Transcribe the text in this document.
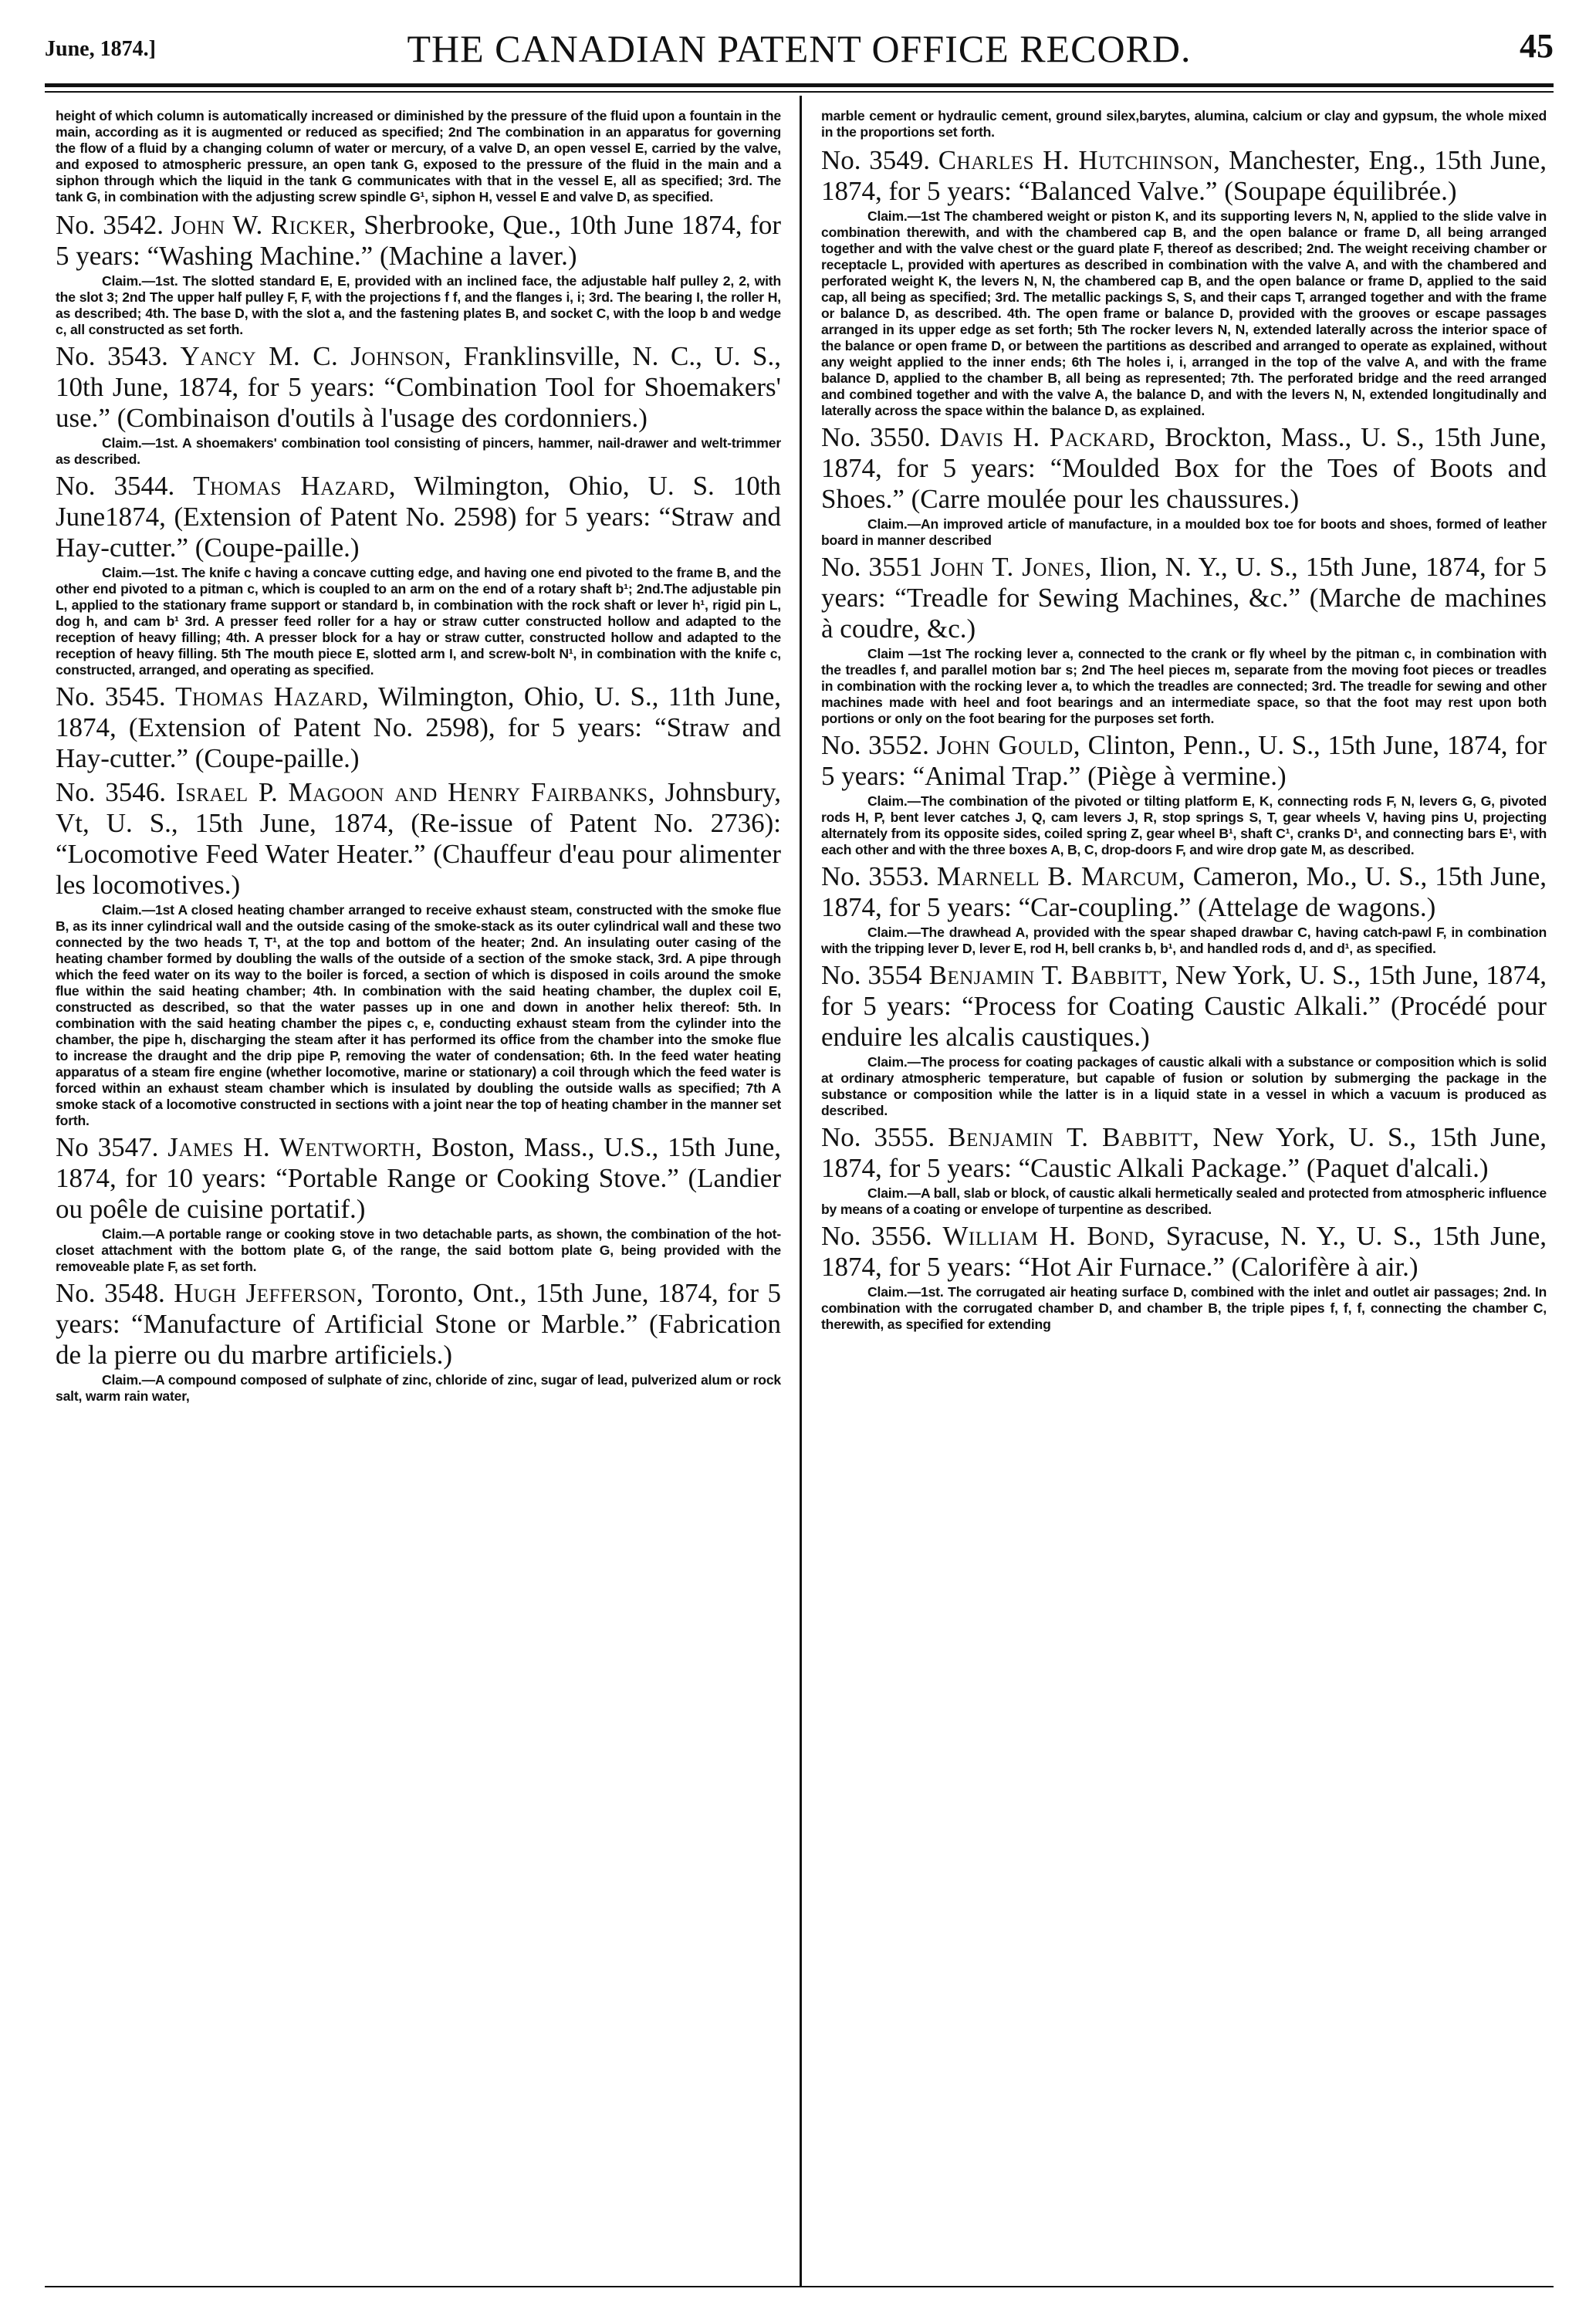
June, 1874.]	THE CANADIAN PATENT OFFICE RECORD.	45

height of which column is automatically increased or diminished by the pressure of the fluid upon a fountain in the main, according as it is augmented or reduced as specified; 2nd The combination in an apparatus for governing the flow of a fluid by a changing column of water or mercury, of a valve D, an open vessel E, carried by the valve, and exposed to atmospheric pressure, an open tank G, exposed to the pressure of the fluid in the main and a siphon through which the liquid in the tank G communicates with that in the vessel E, all as specified; 3rd. The tank G, in combination with the adjusting screw spindle G¹, siphon H, vessel E and valve D, as specified.

No. 3542. John W. Ricker, Sherbrooke, Que., 10th June 1874, for 5 years: “Washing Machine.” (Machine a laver.)

Claim.—1st. The slotted standard E, E, provided with an inclined face, the adjustable half pulley 2, 2, with the slot 3; 2nd The upper half pulley F, F, with the projections f f, and the flanges i, i; 3rd. The bearing I, the roller H, as described; 4th. The base D, with the slot a, and the fastening plates B, and socket C, with the loop b and wedge c, all constructed as set forth.

No. 3543. Yancy M. C. Johnson, Franklinsville, N. C., U. S., 10th June, 1874, for 5 years: “Combination Tool for Shoemakers' use.” (Combinaison d'outils à l'usage des cordonniers.)

Claim.—1st. A shoemakers' combination tool consisting of pincers, hammer, nail-drawer and welt-trimmer as described.

No. 3544. Thomas Hazard, Wilmington, Ohio, U. S. 10th June1874, (Extension of Patent No. 2598) for 5 years: “Straw and Hay-cutter.” (Coupe-paille.)

Claim.—1st. The knife c having a concave cutting edge, and having one end pivoted to the frame B, and the other end pivoted to a pitman c, which is coupled to an arm on the end of a rotary shaft b¹; 2nd.The adjustable pin L, applied to the stationary frame support or standard b, in combination with the rock shaft or lever h¹, rigid pin L, dog h, and cam b¹ 3rd. A presser feed roller for a hay or straw cutter constructed hollow and adapted to the reception of heavy filling; 4th. A presser block for a hay or straw cutter, constructed hollow and adapted to the reception of heavy filling. 5th The mouth piece E, slotted arm I, and screw-bolt N¹, in combination with the knife c, constructed, arranged, and operating as specified.

No. 3545. Thomas Hazard, Wilmington, Ohio, U. S., 11th June, 1874, (Extension of Patent No. 2598), for 5 years: “Straw and Hay-cutter.” (Coupe-paille.)

No. 3546. Israel P. Magoon and Henry Fairbanks, Johnsbury, Vt, U. S., 15th June, 1874, (Re-issue of Patent No. 2736): “Locomotive Feed Water Heater.” (Chauffeur d'eau pour alimenter les locomotives.)

Claim.—1st A closed heating chamber arranged to receive exhaust steam, constructed with the smoke flue B, as its inner cylindrical wall and the outside casing of the smoke-stack as its outer cylindrical wall and these two connected by the two heads T, T¹, at the top and bottom of the heater; 2nd. An insulating outer casing of the heating chamber formed by doubling the walls of the outside of a section of the smoke stack, 3rd. A pipe through which the feed water on its way to the boiler is forced, a section of which is disposed in coils around the smoke flue within the said heating chamber; 4th. In combination with the said heating chamber, the duplex coil E, constructed as described, so that the water passes up in one and down in another helix thereof: 5th. In combination with the said heating chamber the pipes c, e, conducting exhaust steam from the cylinder into the chamber, the pipe h, discharging the steam after it has performed its office from the chamber into the smoke flue to increase the draught and the drip pipe P, removing the water of condensation; 6th. In the feed water heating apparatus of a steam fire engine (whether locomotive, marine or stationary) a coil through which the feed water is forced within an exhaust steam chamber which is insulated by doubling the outside walls as specified; 7th A smoke stack of a locomotive constructed in sections with a joint near the top of heating chamber in the manner set forth.

No 3547. James H. Wentworth, Boston, Mass., U.S., 15th June, 1874, for 10 years: “Portable Range or Cooking Stove.” (Landier ou poêle de cuisine portatif.)

Claim.—A portable range or cooking stove in two detachable parts, as shown, the combination of the hot-closet attachment with the bottom plate G, of the range, the said bottom plate G, being provided with the removeable plate F, as set forth.

No. 3548. Hugh Jefferson, Toronto, Ont., 15th June, 1874, for 5 years: “Manufacture of Artificial Stone or Marble.” (Fabrication de la pierre ou du marbre artificiels.)

Claim.—A compound composed of sulphate of zinc, chloride of zinc, sugar of lead, pulverized alum or rock salt, warm rain water,

marble cement or hydraulic cement, ground silex,barytes, alumina, calcium or clay and gypsum, the whole mixed in the proportions set forth.

No. 3549. Charles H. Hutchinson, Manchester, Eng., 15th June, 1874, for 5 years: “Balanced Valve.” (Soupape équilibrée.)

Claim.—1st The chambered weight or piston K, and its supporting levers N, N, applied to the slide valve in combination therewith, and with the chambered cap B, and the open balance or frame D, all being arranged together and with the valve chest or the guard plate F, thereof as described; 2nd. The weight receiving chamber or receptacle L, provided with apertures as described in combination with the valve A, and with the chambered and perforated weight K, the levers N, N, the chambered cap B, and the open balance or frame D, applied to the said cap, all being as specified; 3rd. The metallic packings S, S, and their caps T, arranged together and with the frame or balance D, as described. 4th. The open frame or balance D, provided with the grooves or escape passages arranged in its upper edge as set forth; 5th The rocker levers N, N, extended laterally across the interior space of the balance or open frame D, or between the partitions as described and arranged to operate as explained, without any weight applied to the inner ends; 6th The holes i, i, arranged in the top of the valve A, and with the frame balance D, applied to the chamber B, all being as represented; 7th. The perforated bridge and the reed arranged and combined together and with the valve A, the balance D, and with the levers N, N, extended longitudinally and laterally across the space within the balance D, as explained.

No. 3550. Davis H. Packard, Brockton, Mass., U. S., 15th June, 1874, for 5 years: “Moulded Box for the Toes of Boots and Shoes.” (Carre moulée pour les chaussures.)

Claim.—An improved article of manufacture, in a moulded box toe for boots and shoes, formed of leather board in manner described

No. 3551 John T. Jones, Ilion, N. Y., U. S., 15th June, 1874, for 5 years: “Treadle for Sewing Machines, &c.” (Marche de machines à coudre, &c.)

Claim —1st The rocking lever a, connected to the crank or fly wheel by the pitman c, in combination with the treadles f, and parallel motion bar s; 2nd The heel pieces m, separate from the moving foot pieces or treadles in combination with the rocking lever a, to which the treadles are connected; 3rd. The treadle for sewing and other machines made with heel and foot bearings and an intermediate space, so that the foot may rest upon both portions or only on the foot bearing for the purposes set forth.

No. 3552. John Gould, Clinton, Penn., U. S., 15th June, 1874, for 5 years: “Animal Trap.” (Piège à vermine.)

Claim.—The combination of the pivoted or tilting platform E, K, connecting rods F, N, levers G, G, pivoted rods H, P, bent lever catches J, Q, cam levers J, R, stop springs S, T, gear wheels V, having pins U, projecting alternately from its opposite sides, coiled spring Z, gear wheel B¹, shaft C¹, cranks D¹, and connecting bars E¹, with each other and with the three boxes A, B, C, drop-doors F, and wire drop gate M, as described.

No. 3553. Marnell B. Marcum, Cameron, Mo., U. S., 15th June, 1874, for 5 years: “Car-coupling.” (Attelage de wagons.)

Claim.—The drawhead A, provided with the spear shaped drawbar C, having catch-pawl F, in combination with the tripping lever D, lever E, rod H, bell cranks b, b¹, and handled rods d, and d¹, as specified.

No. 3554 Benjamin T. Babbitt, New York, U. S., 15th June, 1874, for 5 years: “Process for Coating Caustic Alkali.” (Procédé pour enduire les alcalis caustiques.)

Claim.—The process for coating packages of caustic alkali with a substance or composition which is solid at ordinary atmospheric temperature, but capable of fusion or solution by submerging the package in the substance or composition while the latter is in a liquid state in a vessel in which a vacuum is produced as described.

No. 3555. Benjamin T. Babbitt, New York, U. S., 15th June, 1874, for 5 years: “Caustic Alkali Package.” (Paquet d'alcali.)

Claim.—A ball, slab or block, of caustic alkali hermetically sealed and protected from atmospheric influence by means of a coating or envelope of turpentine as described.

No. 3556. William H. Bond, Syracuse, N. Y., U. S., 15th June, 1874, for 5 years: “Hot Air Furnace.” (Calorifère à air.)

Claim.—1st. The corrugated air heating surface D, combined with the inlet and outlet air passages; 2nd. In combination with the corrugated chamber D, and chamber B, the triple pipes f, f, f, connecting the chamber C, therewith, as specified for extending
